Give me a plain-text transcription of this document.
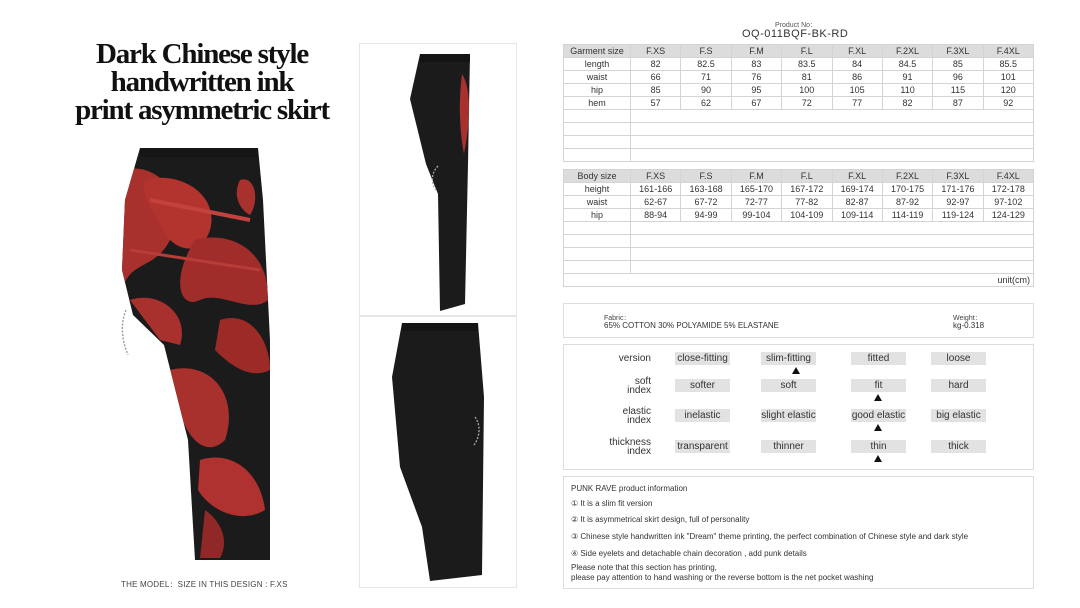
Dark Chinese style
handwritten ink
print asymmetric skirt
THE MODEL：SIZE IN THIS DESIGN : F.XS
Product No：
OQ-011BQF-BK-RD
Garment size	F.XS	F.S	F.M	F.L	F.XL	F.2XL	F.3XL	F.4XL
length	82	82.5	83	83.5	84	84.5	85	85.5
waist	66	71	76	81	86	91	96	101
hip	85	90	95	100	105	110	115	120
hem	57	62	67	72	77	82	87	92

Body size	F.XS	F.S	F.M	F.L	F.XL	F.2XL	F.3XL	F.4XL
height	161-166	163-168	165-170	167-172	169-174	170-175	171-176	172-178
waist	62-67	67-72	72-77	77-82	82-87	87-92	92-97	97-102
hip	88-94	94-99	99-104	104-109	109-114	114-119	119-124	124-129

unit(cm)								
Fabric：
65% COTTON 30% POLYAMIDE 5% ELASTANE
Weight：
kg-0.318
version	close-fitting	slim-fitting	fitted	loose
soft
index	softer	soft	fit	hard
elastic
index	inelastic	slight elastic	good elastic	big elastic
thickness
index	transparent	thinner	thin	thick
PUNK RAVE product information
① It is a slim fit version
② It is asymmetrical skirt design, full of personality
③ Chinese style handwritten ink "Dream" theme printing, the perfect combination of Chinese style and dark style
④ Side eyelets and detachable chain decoration , add punk details
Please note that this section has printing,
please pay attention to hand washing or the reverse bottom is the net pocket washing
